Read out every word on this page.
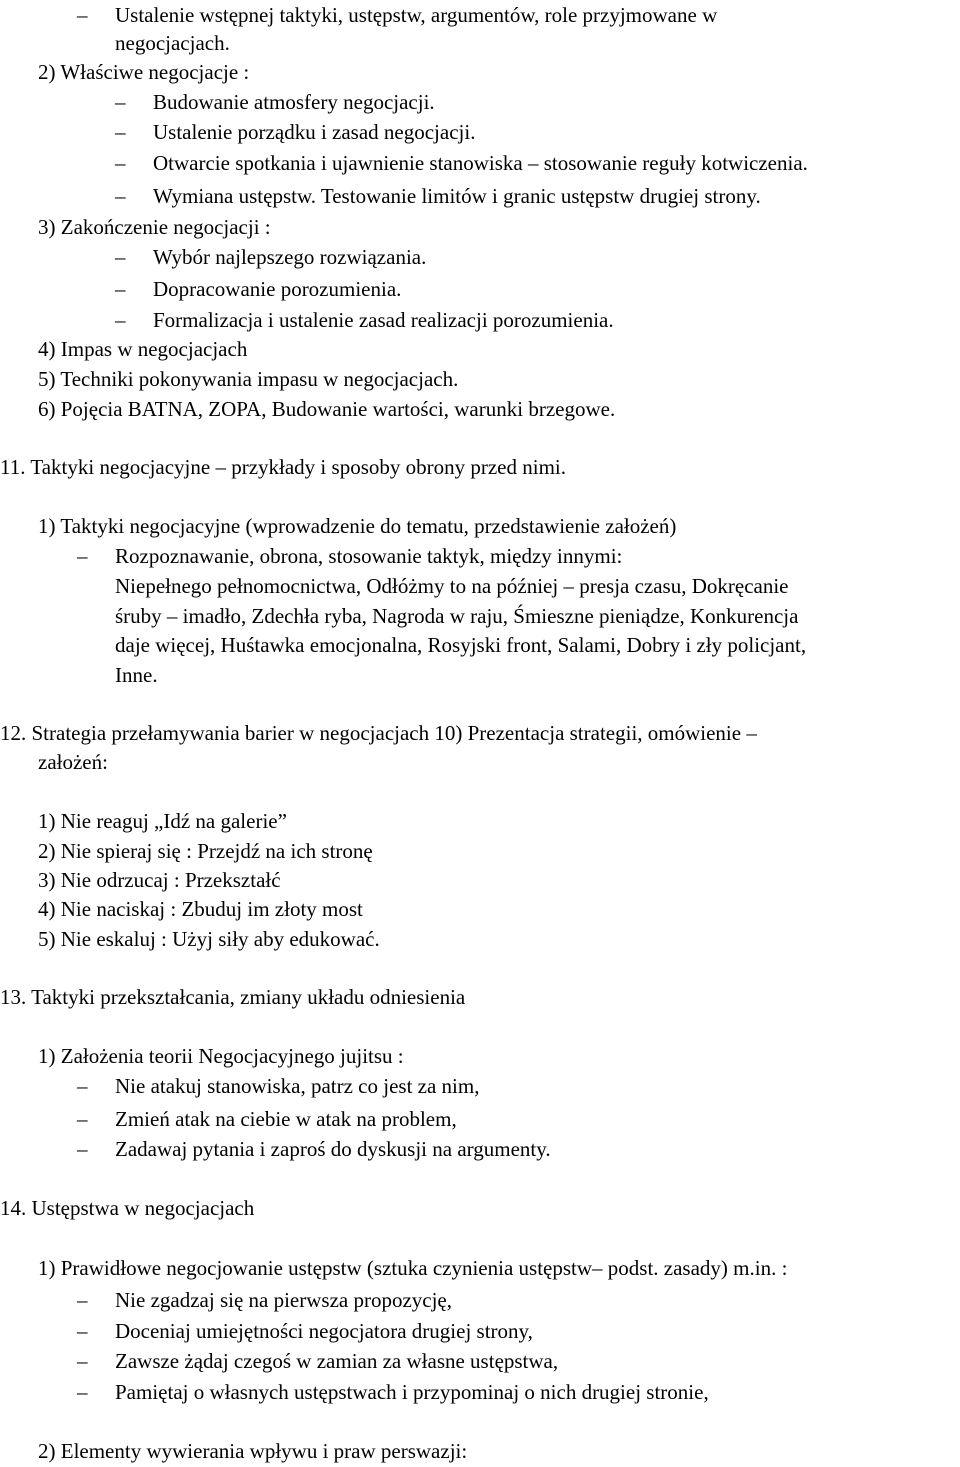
– Ustalenie wstępnej taktyki, ustępstw, argumentów, role przyjmowane w
negocjacjach.
2) Właściwe negocjacje :
– Budowanie atmosfery negocjacji.
– Ustalenie porządku i zasad negocjacji.
– Otwarcie spotkania i ujawnienie stanowiska – stosowanie reguły kotwiczenia.
– Wymiana ustępstw. Testowanie limitów i granic ustępstw drugiej strony.
3) Zakończenie negocjacji :
– Wybór najlepszego rozwiązania.
– Dopracowanie porozumienia.
– Formalizacja i ustalenie zasad realizacji porozumienia.
4) Impas w negocjacjach
5) Techniki pokonywania impasu w negocjacjach.
6) Pojęcia BATNA, ZOPA, Budowanie wartości, warunki brzegowe.
11. Taktyki negocjacyjne – przykłady i sposoby obrony przed nimi.
1) Taktyki negocjacyjne (wprowadzenie do tematu, przedstawienie założeń)
– Rozpoznawanie, obrona, stosowanie taktyk, między innymi:
Niepełnego pełnomocnictwa, Odłóżmy to na później – presja czasu, Dokręcanie
śruby – imadło, Zdechła ryba, Nagroda w raju, Śmieszne pieniądze, Konkurencja
daje więcej, Huśtawka emocjonalna, Rosyjski front, Salami, Dobry i zły policjant,
Inne.
12. Strategia przełamywania barier w negocjacjach 10) Prezentacja strategii, omówienie –
założeń:
1) Nie reaguj „Idź na galerie”
2) Nie spieraj się : Przejdź na ich stronę
3) Nie odrzucaj : Przekształć
4) Nie naciskaj : Zbuduj im złoty most
5) Nie eskaluj : Użyj siły aby edukować.
13. Taktyki przekształcania, zmiany układu odniesienia
1) Założenia teorii Negocjacyjnego jujitsu :
– Nie atakuj stanowiska, patrz co jest za nim,
– Zmień atak na ciebie w atak na problem,
– Zadawaj pytania i zaproś do dyskusji na argumenty.
14. Ustępstwa w negocjacjach
1) Prawidłowe negocjowanie ustępstw (sztuka czynienia ustępstw– podst. zasady) m.in. :
– Nie zgadzaj się na pierwsza propozycję,
– Doceniaj umiejętności negocjatora drugiej strony,
– Zawsze żądaj czegoś w zamian za własne ustępstwa,
– Pamiętaj o własnych ustępstwach i przypominaj o nich drugiej stronie,
2) Elementy wywierania wpływu i praw perswazji:
